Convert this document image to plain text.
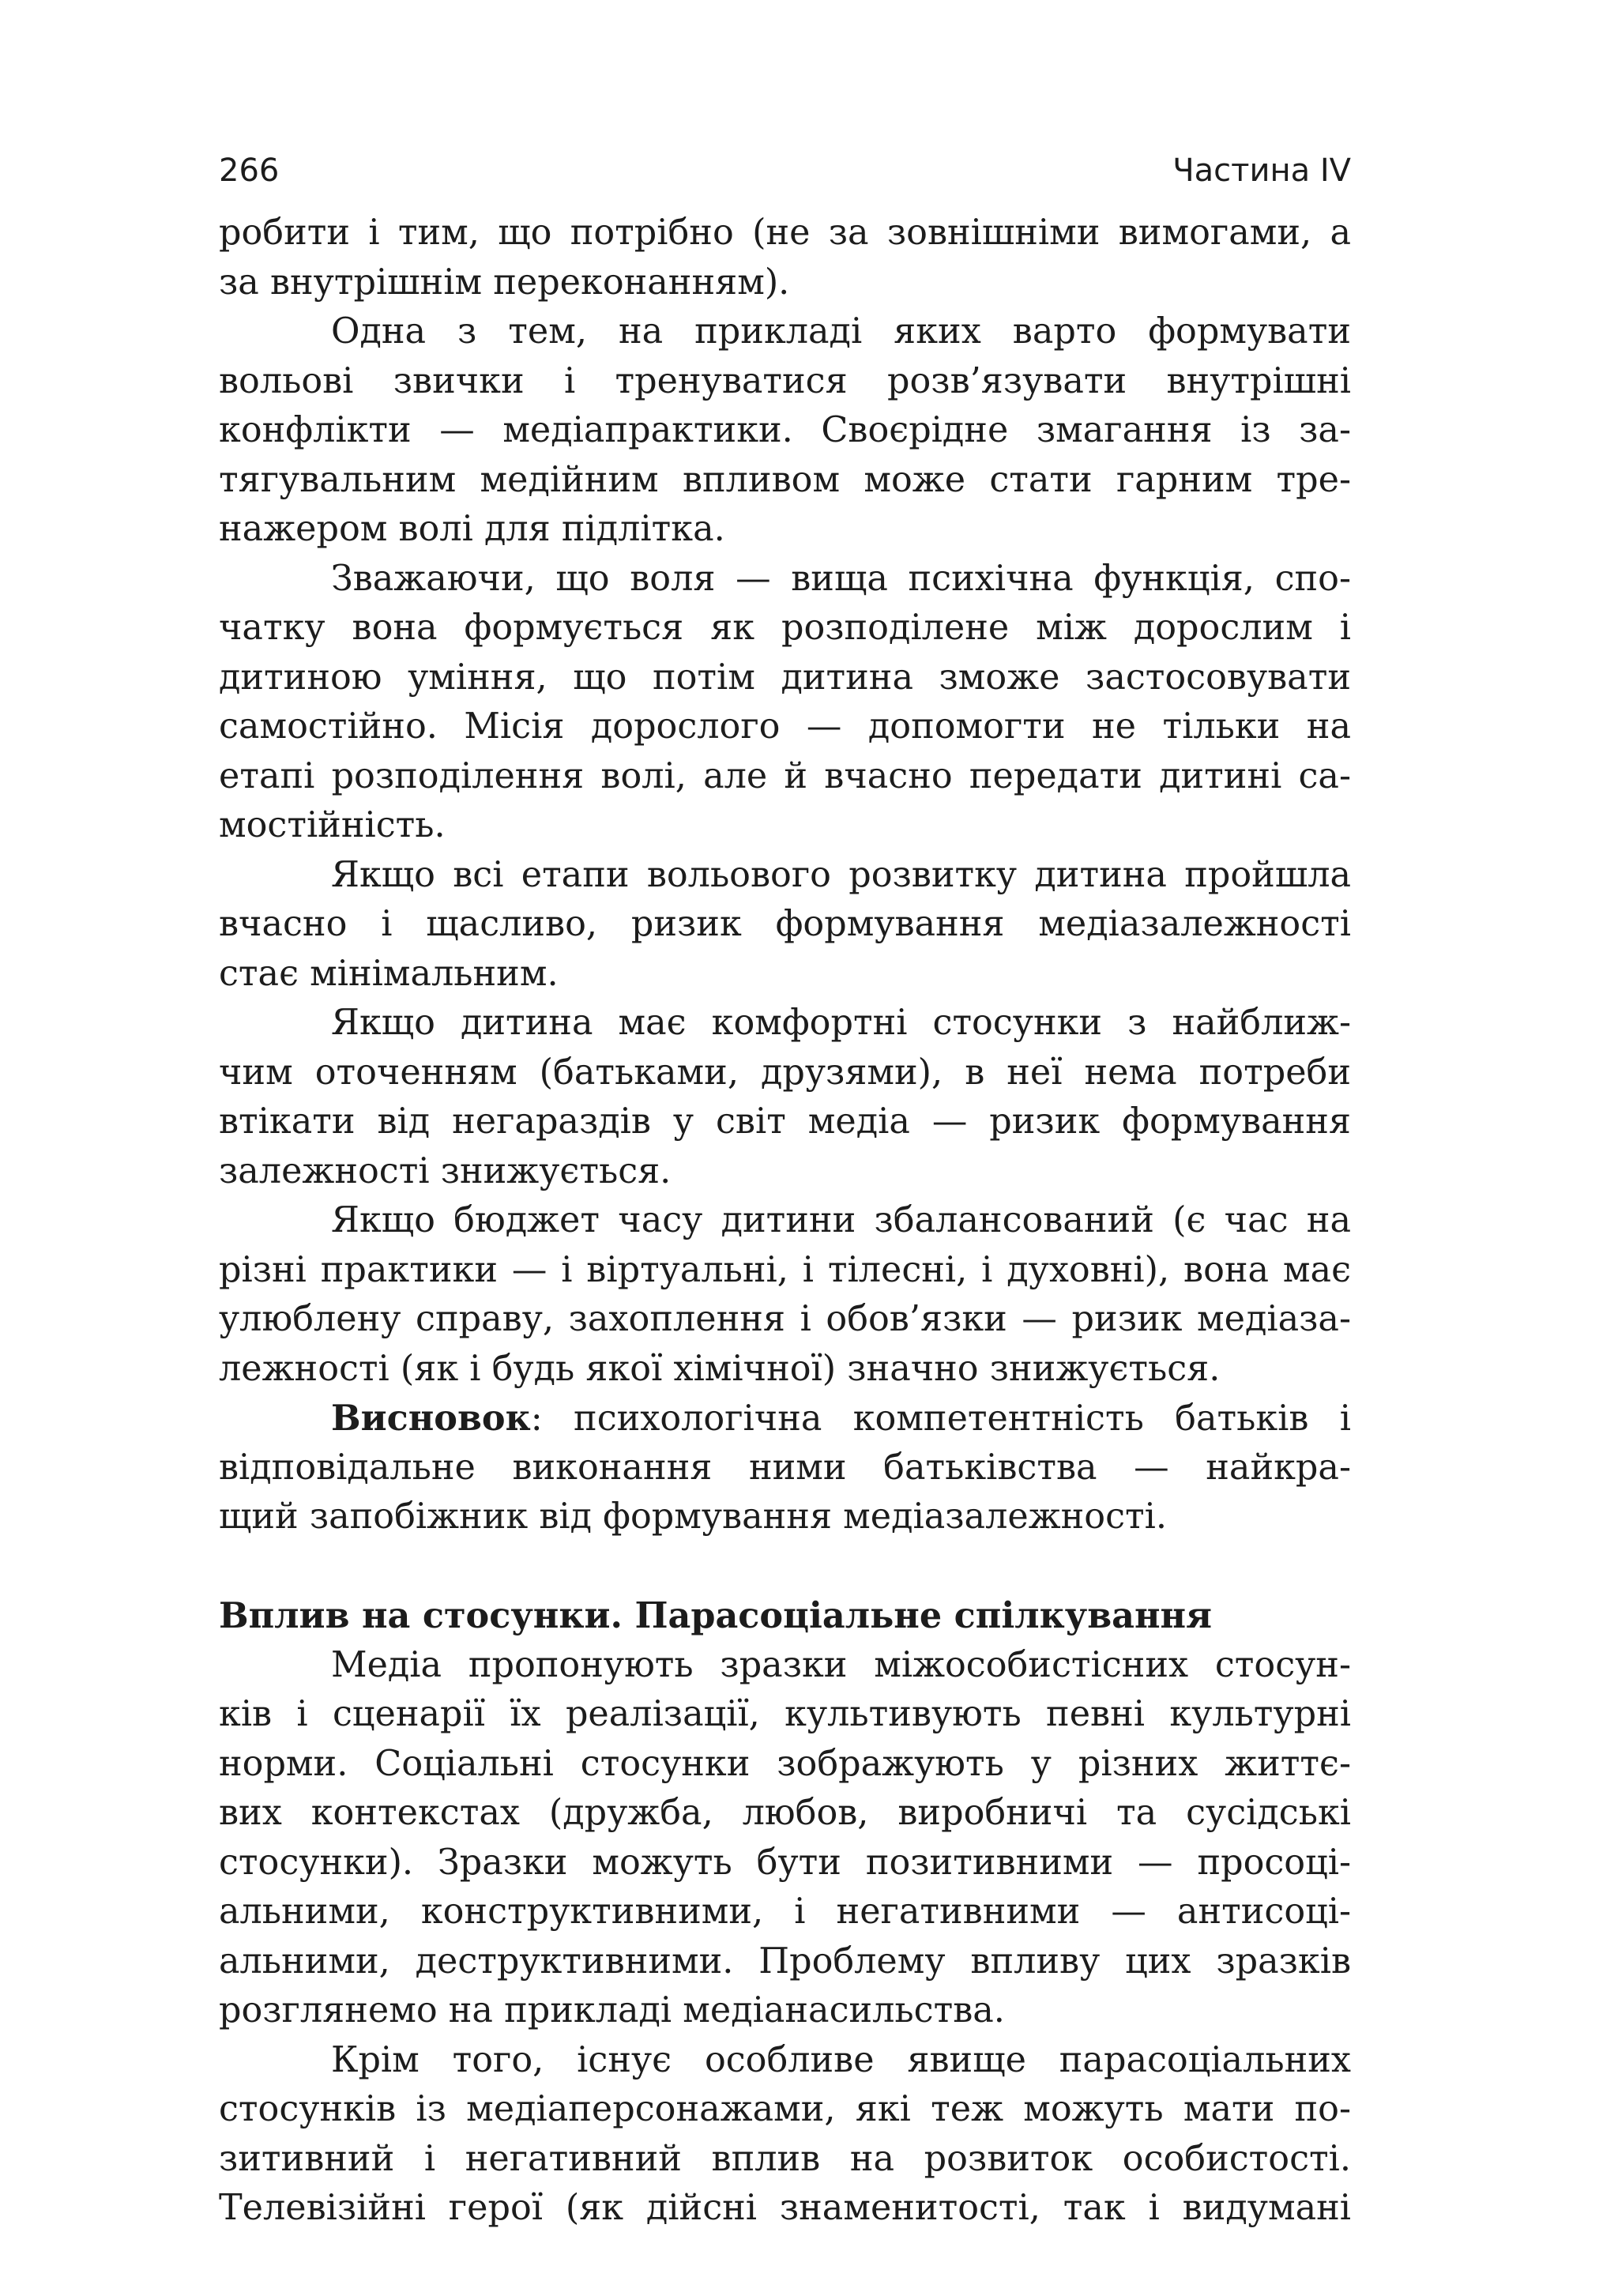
266	Частина IV
робити і тим, що потрібно (не за зовнішніми вимогами, а
за внутрішнім переконанням).
Одна з тем, на прикладі яких варто формувати
вольові звички і тренуватися розв’язувати внутрішні
конфлікти — медіапрактики. Своєрідне змагання із за-
тягувальним медійним впливом може стати гарним тре-
нажером волі для підлітка.
Зважаючи, що воля — вища психічна функція, спо-
чатку вона формується як розподілене між дорослим і
дитиною уміння, що потім дитина зможе застосовувати
самостійно. Місія дорослого — допомогти не тільки на
етапі розподілення волі, але й вчасно передати дитині са-
мостійність.
Якщо всі етапи вольового розвитку дитина пройшла
вчасно і щасливо, ризик формування медіазалежності
стає мінімальним.
Якщо дитина має комфортні стосунки з найближ-
чим оточенням (батьками, друзями), в неї нема потреби
втікати від негараздів у світ медіа — ризик формування
залежності знижується.
Якщо бюджет часу дитини збалансований (є час на
різні практики — і віртуальні, і тілесні, і духовні), вона має
улюблену справу, захоплення і обов’язки — ризик медіаза-
лежності (як і будь якої хімічної) значно знижується.
Висновок: психологічна компетентність батьків і
відповідальне виконання ними батьківства — найкра-
щий запобіжник від формування медіазалежності.
Вплив на стосунки. Парасоціальне спілкування
Медіа пропонують зразки міжособистісних стосун-
ків і сценарії їх реалізації, культивують певні культурні
норми. Соціальні стосунки зображують у різних життє-
вих контекстах (дружба, любов, виробничі та сусідські
стосунки). Зразки можуть бути позитивними — просоці-
альними, конструктивними, і негативними — антисоці-
альними, деструктивними. Проблему впливу цих зразків
розглянемо на прикладі медіанасильства.
Крім того, існує особливе явище парасоціальних
стосунків із медіаперсонажами, які теж можуть мати по-
зитивний і негативний вплив на розвиток особистості.
Телевізійні герої (як дійсні знаменитості, так і видумані
